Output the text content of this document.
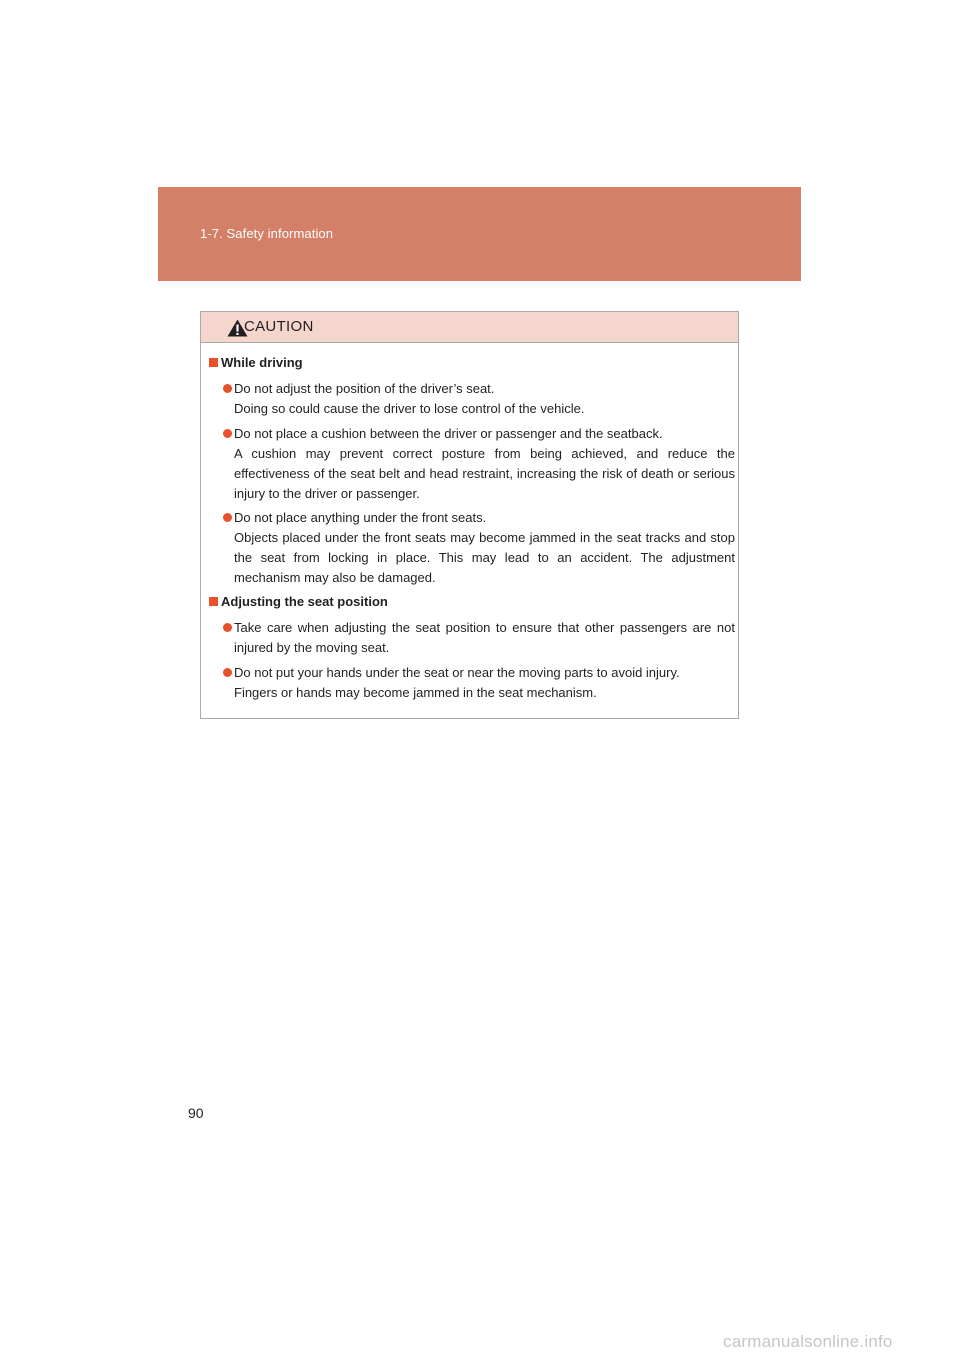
1-7. Safety information
CAUTION
While driving

Do not adjust the position of the driver’s seat.

Doing so could cause the driver to lose control of the vehicle.

Do not place a cushion between the driver or passenger and the seatback.

A cushion may prevent correct posture from being achieved, and reduce the effectiveness of the seat belt and head restraint, increasing the risk of death or serious injury to the driver or passenger.

Do not place anything under the front seats.

Objects placed under the front seats may become jammed in the seat tracks and stop the seat from locking in place. This may lead to an accident. The adjustment mechanism may also be damaged.

Adjusting the seat position

Take care when adjusting the seat position to ensure that other passengers are not injured by the moving seat.

Do not put your hands under the seat or near the moving parts to avoid injury.

Fingers or hands may become jammed in the seat mechanism.

90
carmanualsonline.info
